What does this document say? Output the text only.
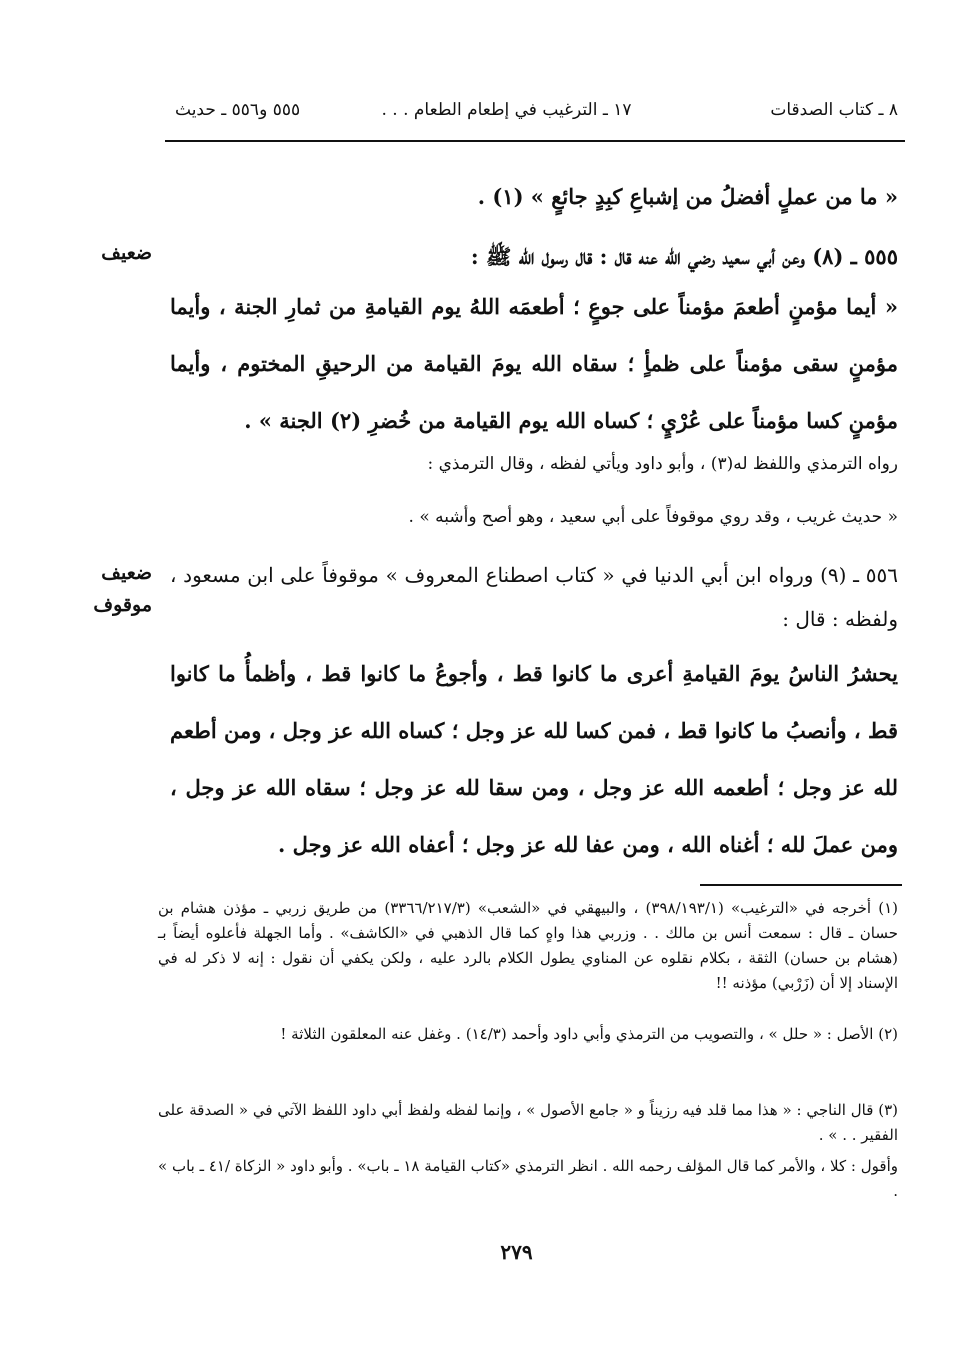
٨ ـ كتاب الصدقات
١٧ ـ الترغيب في إطعام الطعام . . .
٥٥٥ و٥٥٦ ـ حديث
« ما من عملٍ أفضلُ من إشباعِ كبِدٍ جائعٍ » (١) .
ضعيف	٥٥٥ ـ (٨) وعن أبي سعيد رضي الله عنه قال : قال رسول الله ﷺ :
« أيما مؤمنٍ أطعمَ مؤمناً على جوعٍ ؛ أطعمَه اللهُ يوم القيامةِ من ثمارِ الجنة ، وأيما مؤمنٍ سقى مؤمناً على ظمأٍ ؛ سقاه الله يومَ القيامة من الرحيقِ المختوم ، وأيما مؤمنٍ كسا مؤمناً على عُرْيٍ ؛ كساه الله يوم القيامة من خُضرِ (٢) الجنة » .
رواه الترمذي واللفظ له(٣) ، وأبو داود ويأتي لفظه ، وقال الترمذي :
« حديث غريب ، وقد روي موقوفاً على أبي سعيد ، وهو أصح وأشبه » .
ضعيف
موقوف
٥٥٦ ـ (٩) ورواه ابن أبي الدنيا في « كتاب اصطناع المعروف » موقوفاً على ابن مسعود ، ولفظه : قال :
يحشرُ الناسُ يومَ القيامةِ أعرى ما كانوا قط ، وأجوعُ ما كانوا قط ، وأظمأُ ما كانوا قط ، وأنصبُ ما كانوا قط ، فمن كسا لله عز وجل ؛ كساه الله عز وجل ، ومن أطعم لله عز وجل ؛ أطعمه الله عز وجل ، ومن سقا لله عز وجل ؛ سقاه الله عز وجل ، ومن عملَ لله ؛ أغناه الله ، ومن عفا لله عز وجل ؛ أعفاه الله عز وجل .
(١) أخرجه في «الترغيب» (٣٩٨/١٩٣/١) ، والبيهقي في «الشعب» (٣٣٦٦/٢١٧/٣) من طريق زربي ـ مؤذن هشام بن حسان ـ قال : سمعت أنس بن مالك . . وزربي هذا واهٍ كما قال الذهبي في «الكاشف» . وأما الجهلة فأعلوه أيضاً بـ (هشام بن حسان) الثقة ، بكلام نقلوه عن المناوي يطول الكلام بالرد عليه ، ولكن يكفي أن نقول : إنه لا ذكر له في الإسناد إلا أن (زَرْبي) مؤذنه !!
(٢) الأصل : « حلل » ، والتصويب من الترمذي وأبي داود وأحمد (١٤/٣) . وغفل عنه المعلقون الثلاثة !
(٣) قال الناجي : « هذا مما قلد فيه رزيناً و « جامع الأصول » ، وإنما لفظه ولفظ أبي داود اللفظ الآتي في « الصدقة على الفقير . . » .
وأقول : كلا ، والأمر كما قال المؤلف رحمه الله . انظر الترمذي «كتاب القيامة ١٨ ـ باب» . وأبو داود « الزكاة /٤١ ـ باب » .
٢٧٩
